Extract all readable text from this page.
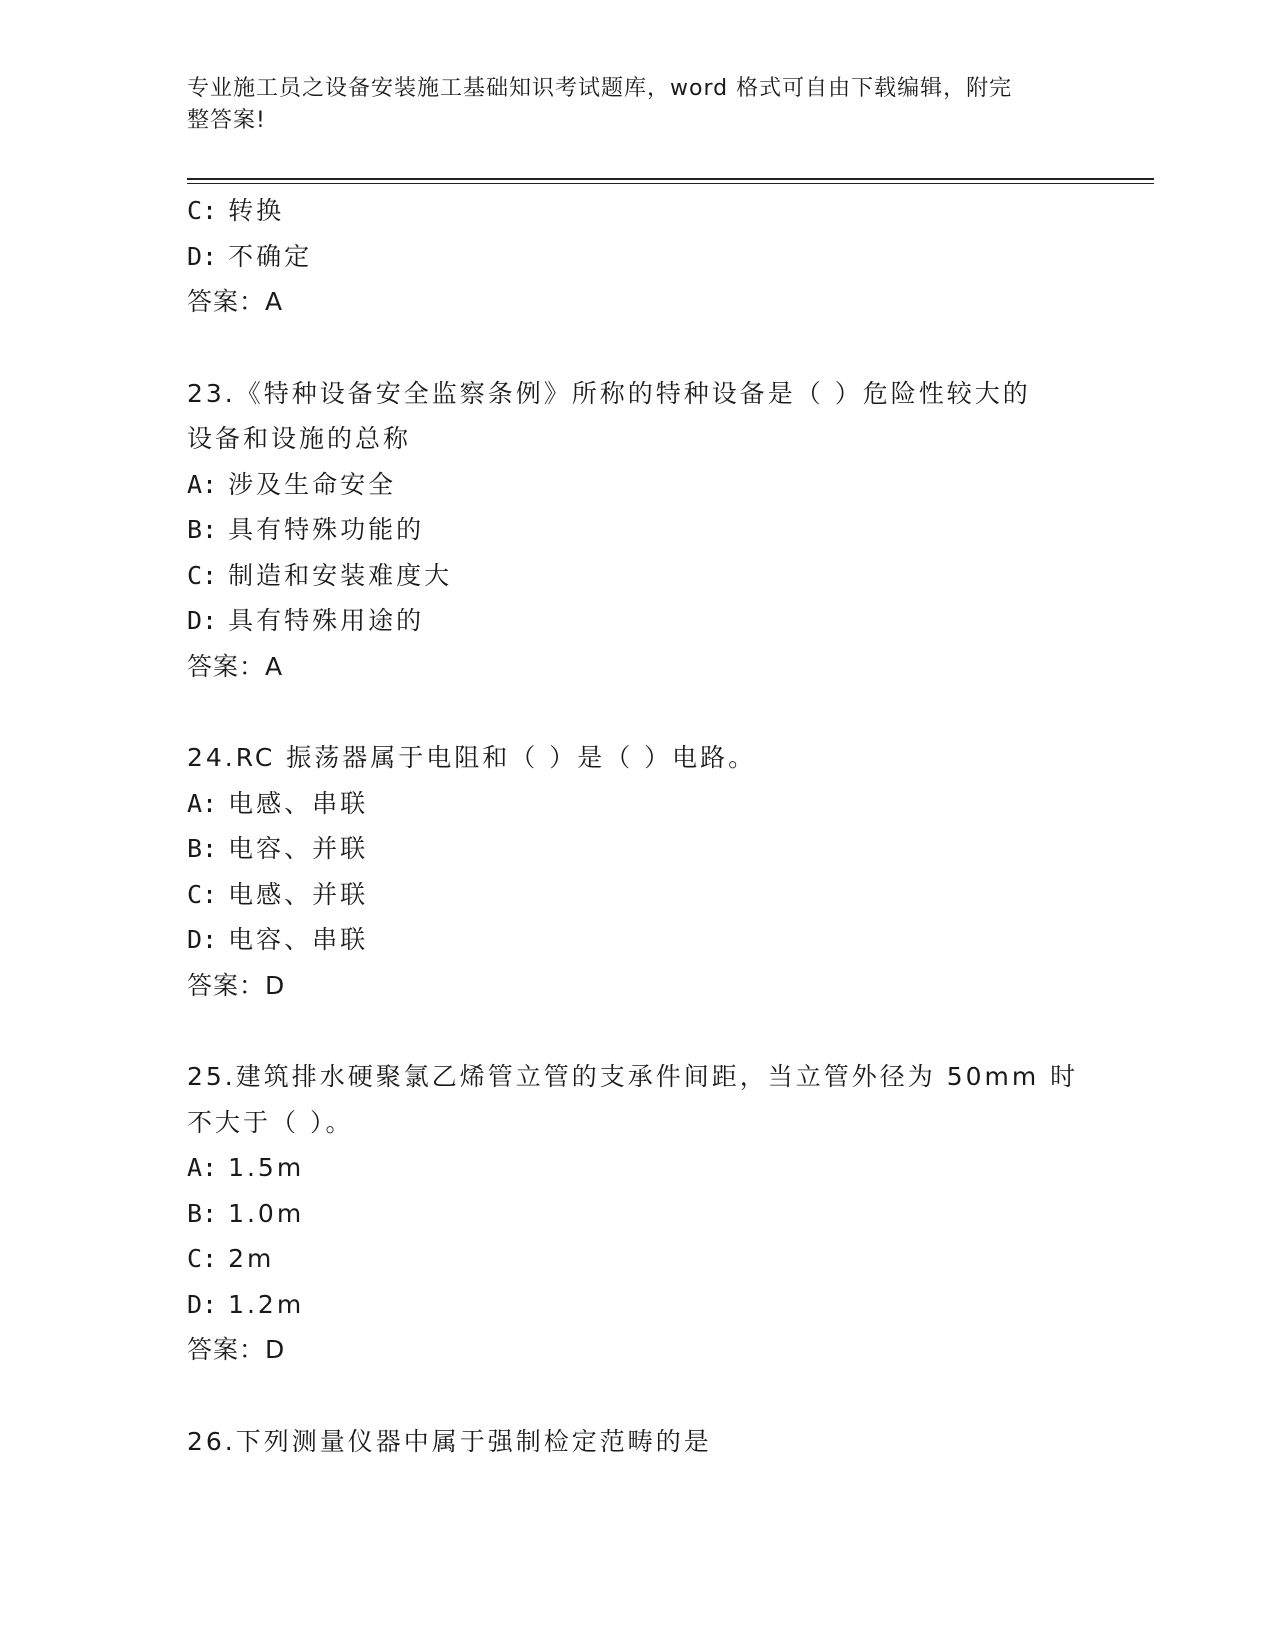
专业施工员之设备安装施工基础知识考试题库，word 格式可自由下载编辑，附完
整答案!
C: 转换
D: 不确定
答案：A
23.《特种设备安全监察条例》所称的特种设备是（ ）危险性较大的
设备和设施的总称
A: 涉及生命安全
B: 具有特殊功能的
C: 制造和安装难度大
D: 具有特殊用途的
答案：A
24.RC 振荡器属于电阻和（ ）是（ ）电路。
A: 电感、串联
B: 电容、并联
C: 电感、并联
D: 电容、串联
答案：D
25.建筑排水硬聚氯乙烯管立管的支承件间距，当立管外径为 50mm 时
不大于（ ）。
A: 1.5m
B: 1.0m
C: 2m
D: 1.2m
答案：D
26.下列测量仪器中属于强制检定范畴的是
